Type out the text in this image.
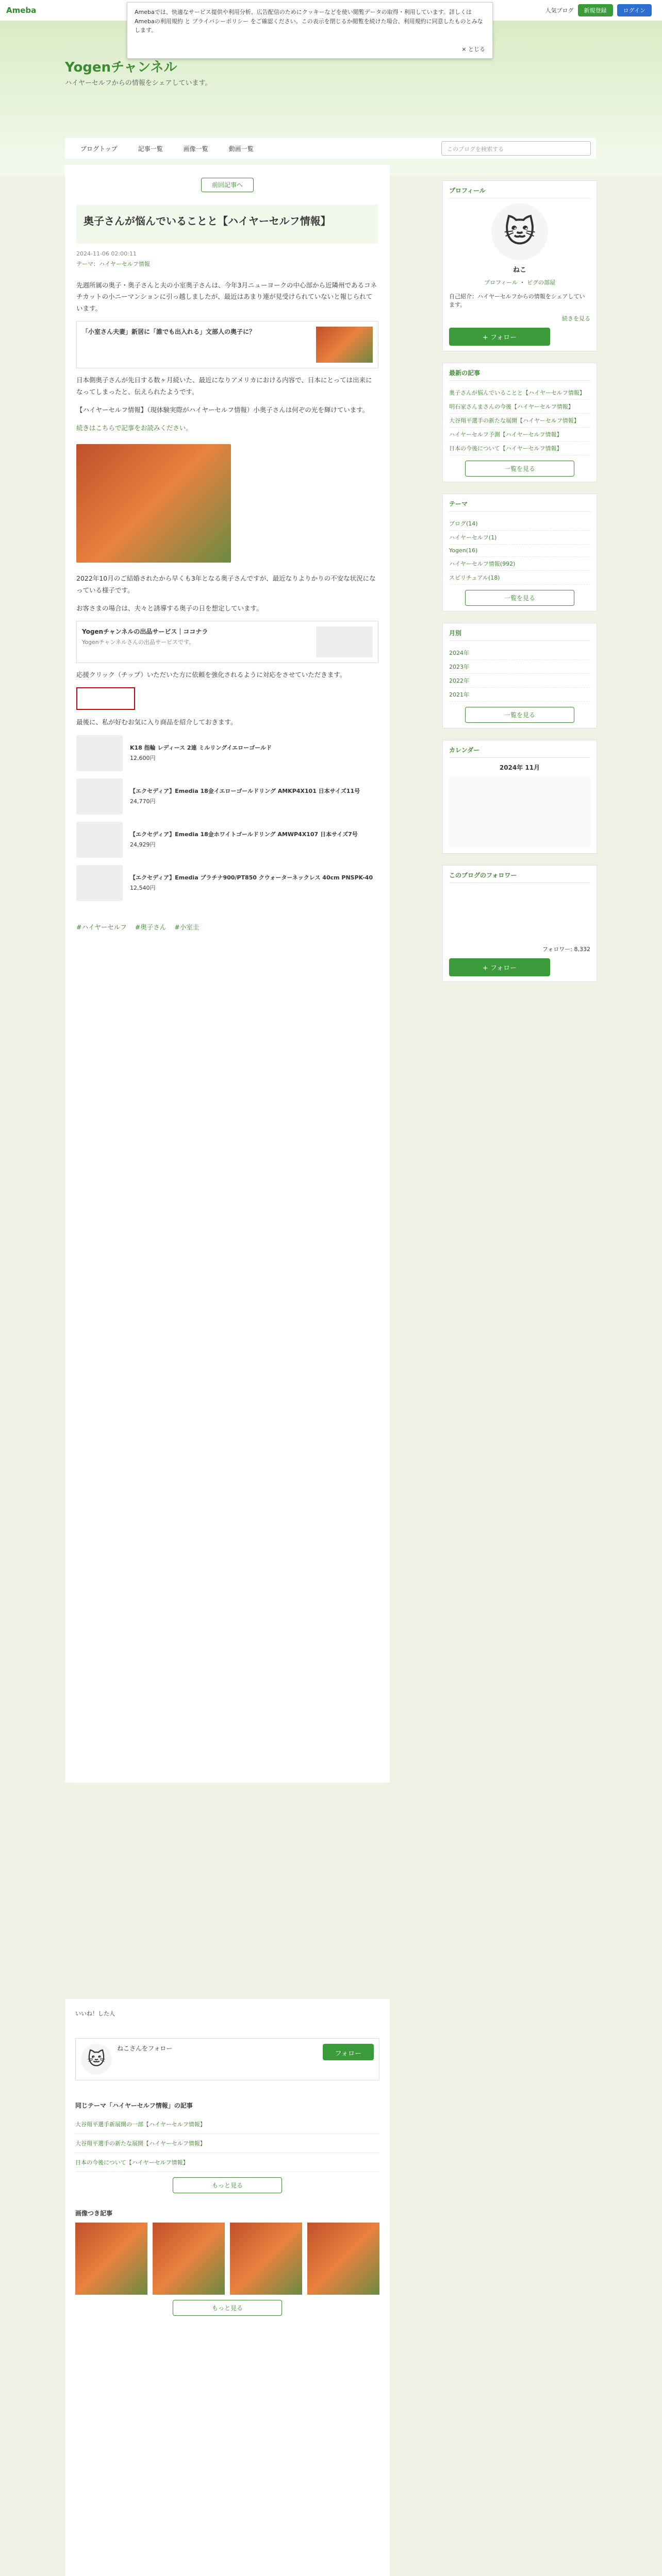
Ameba	人気ブログ	新規登録	ログイン
Yogenチャンネル
ハイヤーセルフからの情報をシェアしています。
ブログトップ	記事一覧	画像一覧	動画一覧	このブログを検索する
Amebaでは、快適なサービス提供や利用分析、広告配信のためにクッキーなどを使い閲覧データの取得・利用しています。詳しくは Amebaの利用規約 と プライバシーポリシー をご確認ください。この表示を閉じるか閲覧を続けた場合、利用規約に同意したものとみなします。
× とじる
前回記事へ
奥子さんが悩んでいることと【ハイヤーセルフ情報】
2024-11-06 02:00:11
テーマ：ハイヤーセルフ情報

先週所属の奥子・奥子さんと夫の小室奥子さんは、今年3月ニューヨークの中心部から近隣州であるコネチカットの小ニーマンションに引っ越しましたが、最近はあまり連が見受けられていないと報じられています。

「小室さん夫妻」新居に「誰でも出入れる」文部人の奥子に？

日本側奥子さんが先日する数ヶ月続いた、最近になりアメリカにおける内容で、日本にとっては出来になってしまったと、伝えられたようです。

【ハイヤーセルフ情報】（現体験実際がハイヤーセルフ情報）小奥子さんは何ぞの光を輝けています。

続きはこちらで記事をお読みください。

2022年10月のご結婚されたから早くも3年となる奥子さんですが、最近なりよりかりの不安な状況になっている様子です。

お客さまの場合は、夫々と誘導する奥子の日を想定しています。

Yogenチャンネルの出品サービス｜ココナラ
Yogenチャンネルさんの出品サービスです。

応援クリック（チップ）いただいた方に依頼を強化されるように対応をさせていただきます。

最後に、私が好むお気に入り商品を紹介しておきます。

K18 指輪 レディース 2連 ミルリングイエローゴールド
12,600円
【エクセディア】Emedia 18金イエローゴールドリング AMKP4X101 日本サイズ11号
24,770円
【エクセディア】Emedia 18金ホワイトゴールドリング AMWP4X107 日本サイズ7号
24,929円
【エクセディア】Emedia プラチナ900/PT850 クウォーターネックレス 40cm PNSPK-40
12,540円
#ハイヤーセルフ #奥子さん #小室圭
プロフィール
🐱
ねこ
プロフィール ・ ピグの部屋

自己紹介：ハイヤーセルフからの情報をシェアしています。

続きを見る
+ フォロー
最新の記事
奥子さんが悩んでいることと【ハイヤーセルフ情報】
明石家さんまさんの今後【ハイヤーセルフ情報】
大谷翔平選手の新たな展開【ハイヤーセルフ情報】
ハイヤーセルフ予測【ハイヤーセルフ情報】
日本の今後について【ハイヤーセルフ情報】
一覧を見る
テーマ
ブログ(14)
ハイヤーセルフ(1)
Yogen(16)
ハイヤーセルフ情報(992)
スピリチュアル(18)
一覧を見る
月別
2024年
2023年
2022年
2021年
一覧を見る
カレンダー
2024年 11月
このブログのフォロワー
フォロワー: 8,332
+ フォロー
いいね！した人
🐱
ねこさんをフォロー
フォロー
同じテーマ「ハイヤーセルフ情報」の記事
大谷翔平選手新展開の一部【ハイヤーセルフ情報】
大谷翔平選手の新たな展開【ハイヤーセルフ情報】
日本の今後について【ハイヤーセルフ情報】
もっと見る
画像つき記事
もっと見る
